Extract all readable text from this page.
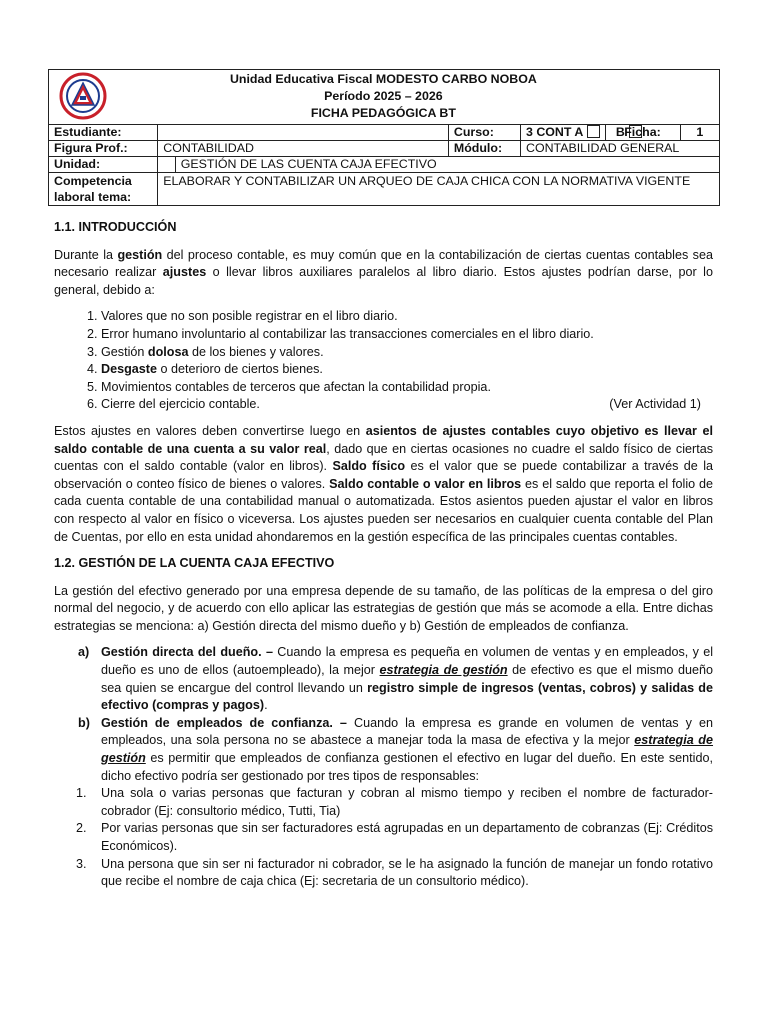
Unidad Educativa Fiscal MODESTO CARBO NOBOA
Período 2025 – 2026
FICHA PEDAGÓGICA BT					

Estudiante:			Curso:	3 CONT A B	Ficha:	1
Figura Prof.:	CONTABILIDAD		Módulo:	CONTABILIDAD GENERAL		
Unidad:		GESTIÓN DE LAS CUENTA CAJA EFECTIVO				
Competencia laboral tema:	ELABORAR Y CONTABILIZAR UN ARQUEO DE CAJA CHICA CON LA NORMATIVA VIGENTE					
1.1. INTRODUCCIÓN

Durante la gestión del proceso contable, es muy común que en la contabilización de ciertas cuentas contables sea necesario realizar ajustes o llevar libros auxiliares paralelos al libro diario. Estos ajustes podrían darse, por lo general, debido a:

1. Valores que no son posible registrar en el libro diario.
2. Error humano involuntario al contabilizar las transacciones comerciales en el libro diario.
3. Gestión dolosa de los bienes y valores.
4. Desgaste o deterioro de ciertos bienes.
5. Movimientos contables de terceros que afectan la contabilidad propia.
6. Cierre del ejercicio contable.	(Ver Actividad 1)

Estos ajustes en valores deben convertirse luego en asientos de ajustes contables cuyo objetivo es llevar el saldo contable de una cuenta a su valor real, dado que en ciertas ocasiones no cuadre el saldo físico de ciertas cuentas con el saldo contable (valor en libros). Saldo físico es el valor que se puede contabilizar a través de la observación o conteo físico de bienes o valores. Saldo contable o valor en libros es el saldo que reporta el folio de cada cuenta contable de una contabilidad manual o automatizada. Estos asientos pueden ajustar el valor en libros con respecto al valor en físico o viceversa. Los ajustes pueden ser necesarios en cualquier cuenta contable del Plan de Cuentas, por ello en esta unidad ahondaremos en la gestión específica de las principales cuentas contables.

1.2. GESTIÓN DE LA CUENTA CAJA EFECTIVO

La gestión del efectivo generado por una empresa depende de su tamaño, de las políticas de la empresa o del giro normal del negocio, y de acuerdo con ello aplicar las estrategias de gestión que más se acomode a ella. Entre dichas estrategias se menciona: a) Gestión directa del mismo dueño y b) Gestión de empleados de confianza.

a) Gestión directa del dueño. – Cuando la empresa es pequeña en volumen de ventas y en empleados, y el dueño es uno de ellos (autoempleado), la mejor estrategia de gestión de efectivo es que el mismo dueño sea quien se encargue del control llevando un registro simple de ingresos (ventas, cobros) y salidas de efectivo (compras y pagos).
b) Gestión de empleados de confianza. – Cuando la empresa es grande en volumen de ventas y en empleados, una sola persona no se abastece a manejar toda la masa de efectiva y la mejor estrategia de gestión es permitir que empleados de confianza gestionen el efectivo en lugar del dueño. En este sentido, dicho efectivo podría ser gestionado por tres tipos de responsables:
1. Una sola o varias personas que facturan y cobran al mismo tiempo y reciben el nombre de facturador-cobrador (Ej: consultorio médico, Tutti, Tia)
2. Por varias personas que sin ser facturadores está agrupadas en un departamento de cobranzas (Ej: Créditos Económicos).
3. Una persona que sin ser ni facturador ni cobrador, se le ha asignado la función de manejar un fondo rotativo que recibe el nombre de caja chica (Ej: secretaria de un consultorio médico).
